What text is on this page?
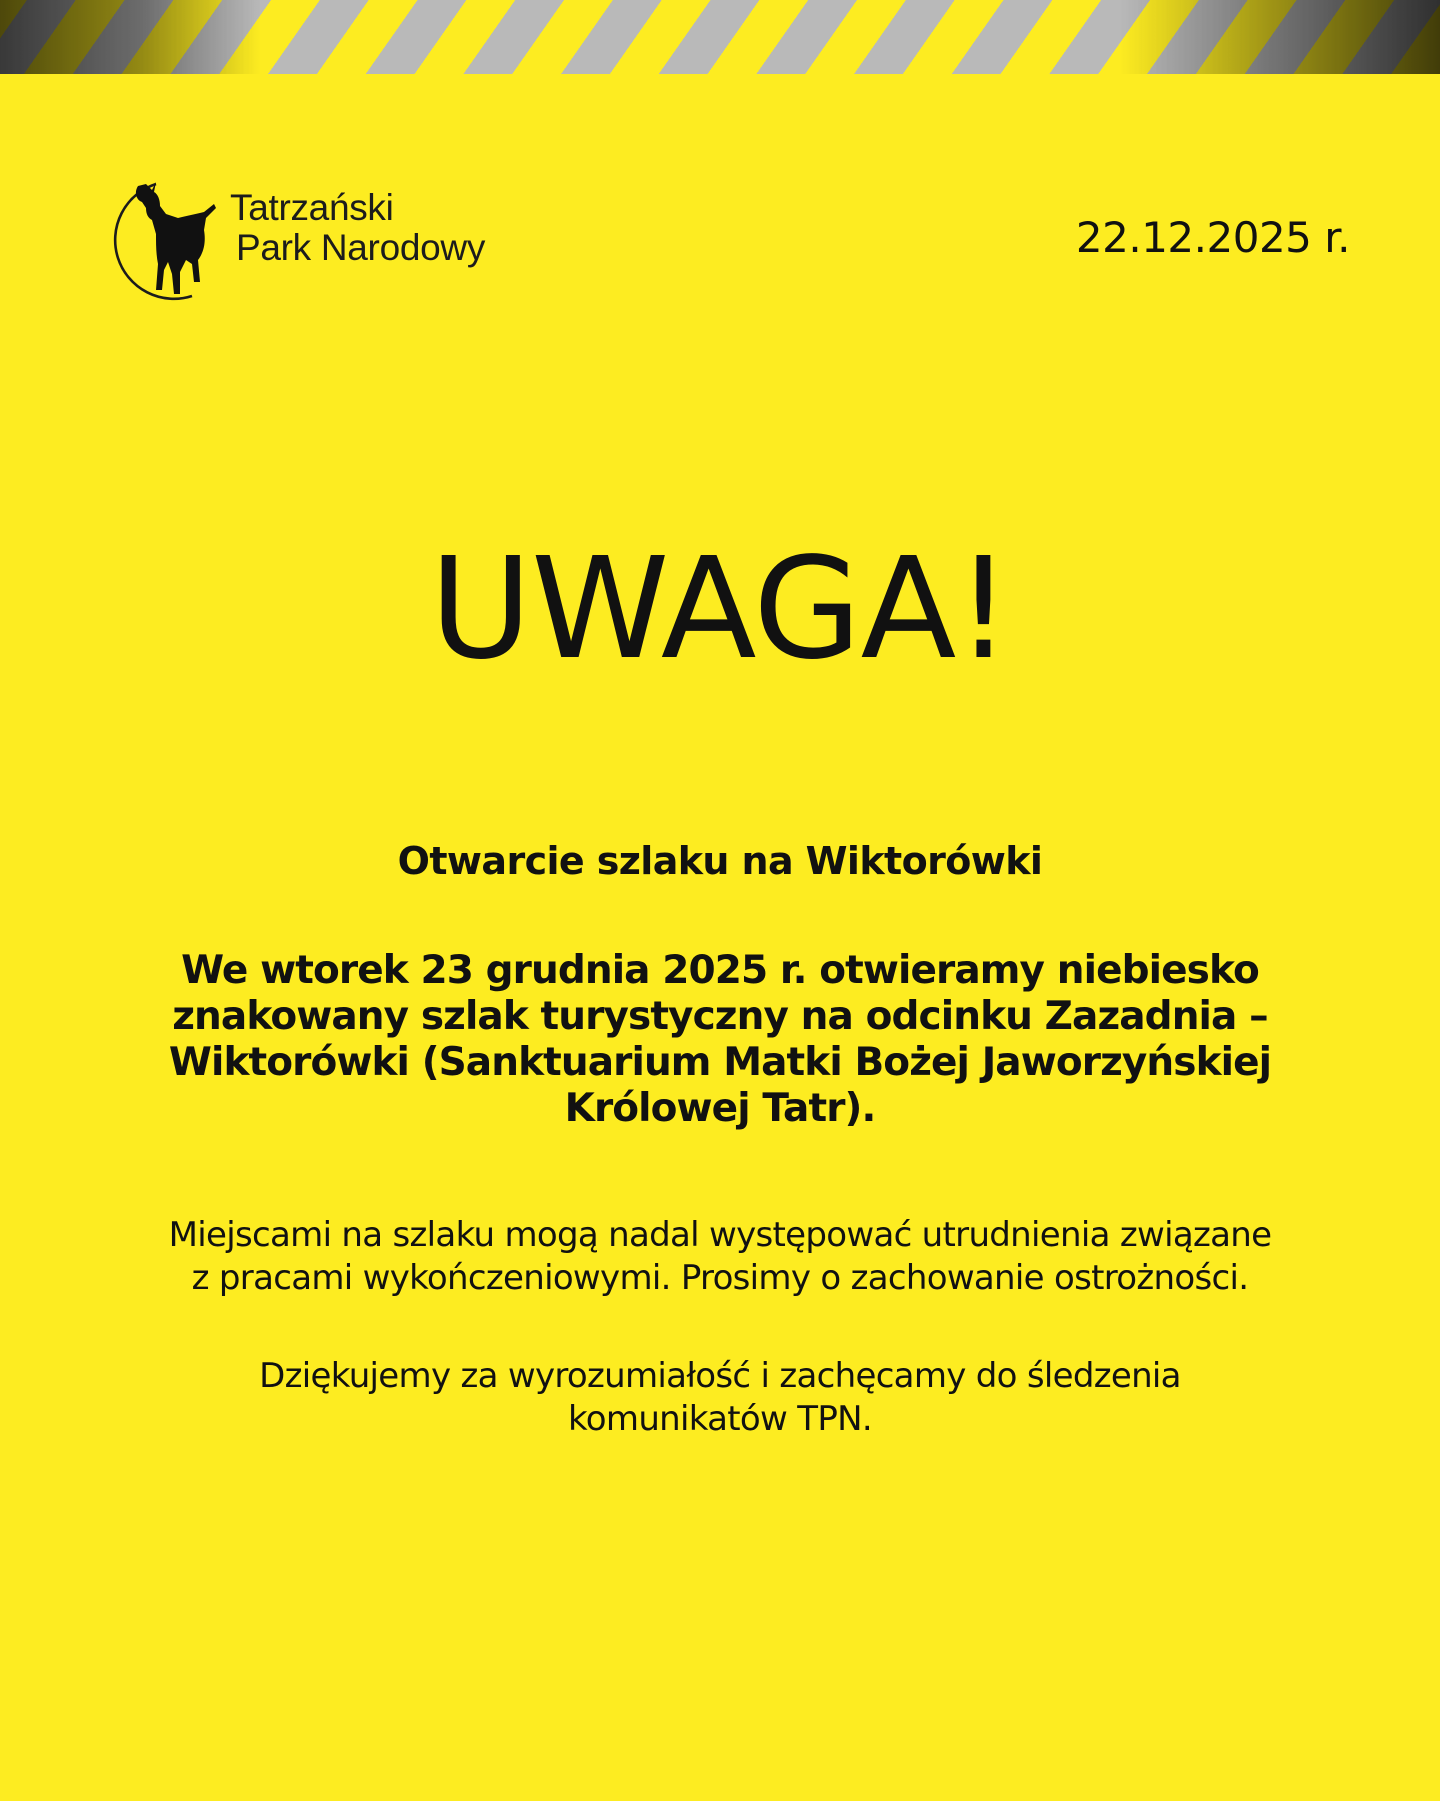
Tatrzański
Park Narodowy	22.12.2025 r.
UWAGA!
Otwarcie szlaku na Wiktorówki
We wtorek 23 grudnia 2025 r. otwieramy niebiesko
znakowany szlak turystyczny na odcinku Zazadnia –
Wiktorówki (Sanktuarium Matki Bożej Jaworzyńskiej
Królowej Tatr).
Miejscami na szlaku mogą nadal występować utrudnienia związane
z pracami wykończeniowymi. Prosimy o zachowanie ostrożności.
Dziękujemy za wyrozumiałość i zachęcamy do śledzenia
komunikatów TPN.
